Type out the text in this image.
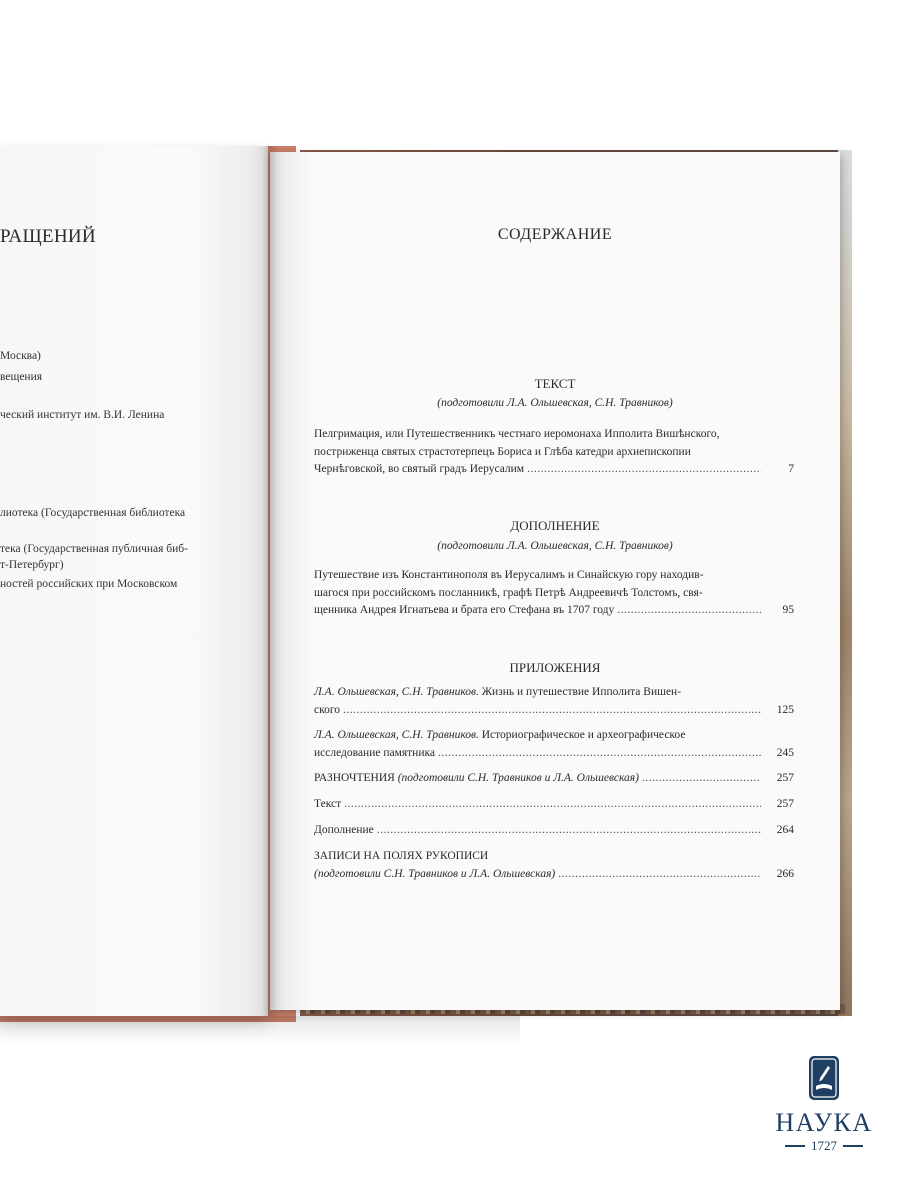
РАЩЕНИЙ
Москва)
вещения
ческий институт им. В.И. Ленина
лиотека (Государственная библиотека
тека (Государственная публичная биб-
т-Петербург)
ностей российских при Московском
СОДЕРЖАНИЕ
ТЕКСТ
(подготовили Л.А. Ольшевская, С.Н. Травников)
Пелгримация, или Путешественникъ честнаго иеромонаха Ипполита Вишѣнского,
постриженца святых страстотерпецъ Бориса и Глѣба катедри архиепископии
Чернѣговской, во святый градъ Иерусалим .....	7
ДОПОЛНЕНИЕ
(подготовили Л.А. Ольшевская, С.Н. Травников)
Путешествие изъ Константинополя въ Иерусалимъ и Синайскую гору находив-
шагося при российскомъ посланникѣ, графѣ Петрѣ Андреевичѣ Толстомъ, свя-
щенника Андрея Игнатьева и брата его Стефана въ 1707 году .....	95
ПРИЛОЖЕНИЯ
Л.А. Ольшевская, С.Н. Травников. Жизнь и путешествие Ипполита Вишен-
ского .....	125
Л.А. Ольшевская, С.Н. Травников. Историографическое и археографическое
исследование памятника .....	245
РАЗНОЧТЕНИЯ (подготовили С.Н. Травников и Л.А. Ольшевская) .....	257
Текст .....	257
Дополнение .....	264
ЗАПИСИ НА ПОЛЯХ РУКОПИСИ
(подготовили С.Н. Травников и Л.А. Ольшевская) .....	266
НАУКА
1727
